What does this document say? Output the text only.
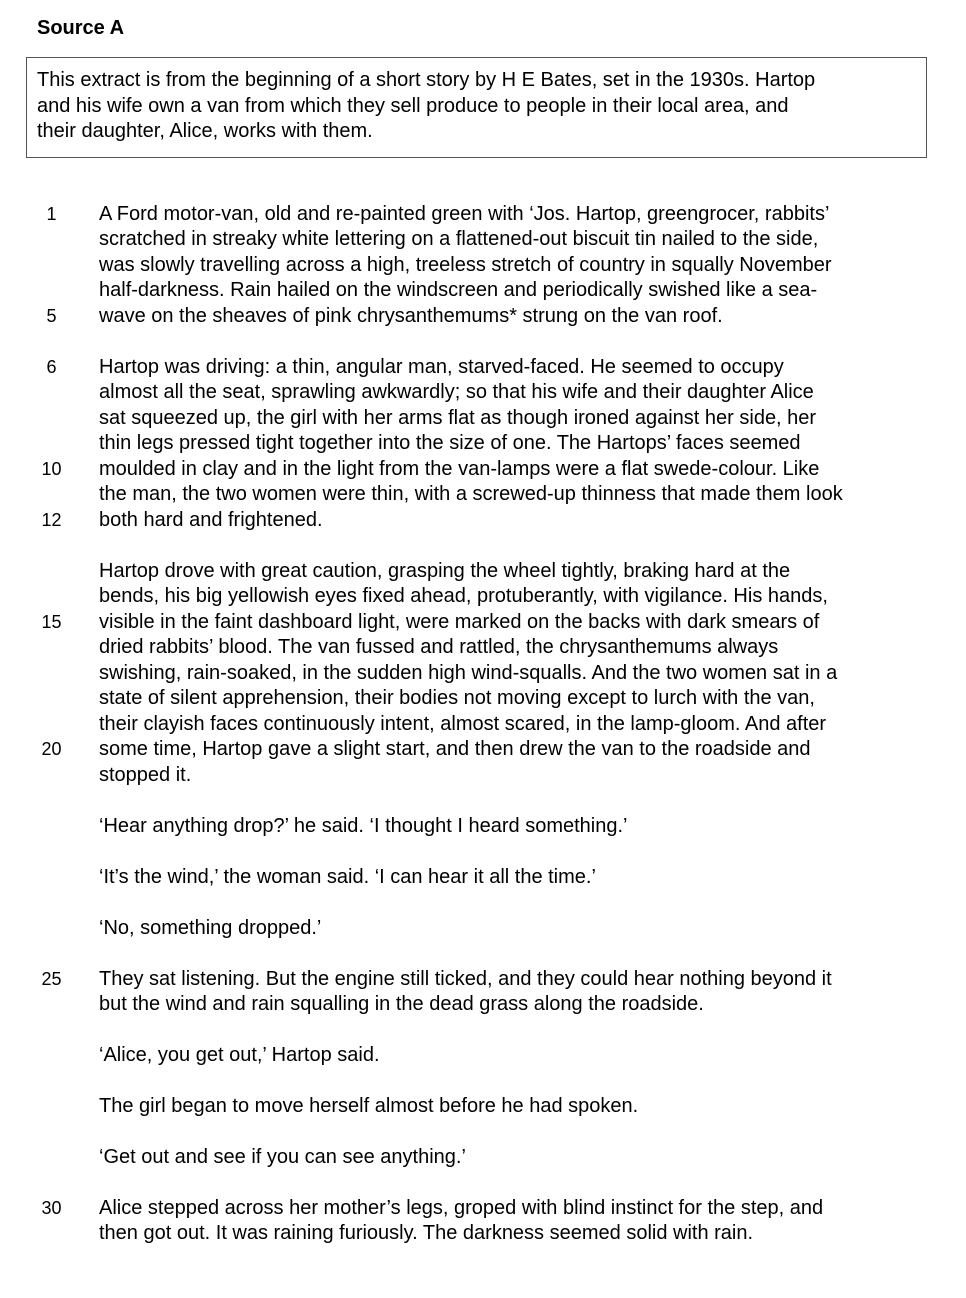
Source A
This extract is from the beginning of a short story by H E Bates, set in the 1930s. Hartop
and his wife own a van from which they sell produce to people in their local area, and
their daughter, Alice, works with them.
1
5
6
10
12
15
20
25
30
A Ford motor-van, old and re-painted green with ‘Jos. Hartop, greengrocer, rabbits’
scratched in streaky white lettering on a flattened-out biscuit tin nailed to the side,
was slowly travelling across a high, treeless stretch of country in squally November
half-darkness. Rain hailed on the windscreen and periodically swished like a sea-
wave on the sheaves of pink chrysanthemums* strung on the van roof.
Hartop was driving: a thin, angular man, starved-faced. He seemed to occupy
almost all the seat, sprawling awkwardly; so that his wife and their daughter Alice
sat squeezed up, the girl with her arms flat as though ironed against her side, her
thin legs pressed tight together into the size of one. The Hartops’ faces seemed
moulded in clay and in the light from the van-lamps were a flat swede-colour. Like
the man, the two women were thin, with a screwed-up thinness that made them look
both hard and frightened.
Hartop drove with great caution, grasping the wheel tightly, braking hard at the
bends, his big yellowish eyes fixed ahead, protuberantly, with vigilance. His hands,
visible in the faint dashboard light, were marked on the backs with dark smears of
dried rabbits’ blood. The van fussed and rattled, the chrysanthemums always
swishing, rain-soaked, in the sudden high wind-squalls. And the two women sat in a
state of silent apprehension, their bodies not moving except to lurch with the van,
their clayish faces continuously intent, almost scared, in the lamp-gloom. And after
some time, Hartop gave a slight start, and then drew the van to the roadside and
stopped it.
‘Hear anything drop?’ he said. ‘I thought I heard something.’
‘It’s the wind,’ the woman said. ‘I can hear it all the time.’
‘No, something dropped.’
They sat listening. But the engine still ticked, and they could hear nothing beyond it
but the wind and rain squalling in the dead grass along the roadside.
‘Alice, you get out,’ Hartop said.
The girl began to move herself almost before he had spoken.
‘Get out and see if you can see anything.’
Alice stepped across her mother’s legs, groped with blind instinct for the step, and
then got out. It was raining furiously. The darkness seemed solid with rain.
